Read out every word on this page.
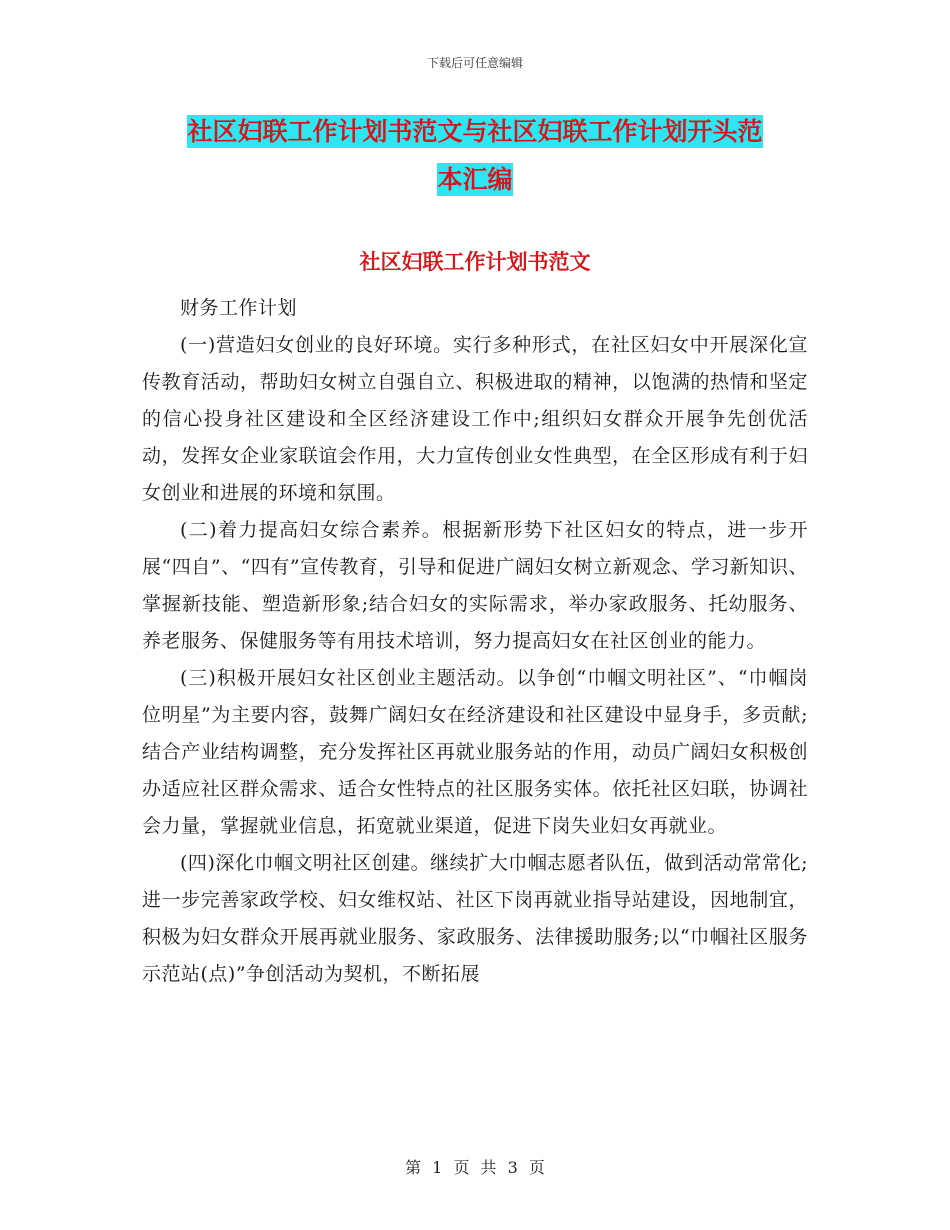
下载后可任意编辑
社区妇联工作计划书范文与社区妇联工作计划开头范
本汇编
社区妇联工作计划书范文

财务工作计划

(一)营造妇女创业的良好环境。实行多种形式，在社区妇女中开展深化宣传教育活动，帮助妇女树立自强自立、积极进取的精神，以饱满的热情和坚定的信心投身社区建设和全区经济建设工作中;组织妇女群众开展争先创优活动，发挥女企业家联谊会作用，大力宣传创业女性典型，在全区形成有利于妇女创业和进展的环境和氛围。

(二)着力提高妇女综合素养。根据新形势下社区妇女的特点，进一步开展“四自”、“四有”宣传教育，引导和促进广阔妇女树立新观念、学习新知识、掌握新技能、塑造新形象;结合妇女的实际需求，举办家政服务、托幼服务、养老服务、保健服务等有用技术培训，努力提高妇女在社区创业的能力。

(三)积极开展妇女社区创业主题活动。以争创“巾帼文明社区”、“巾帼岗位明星”为主要内容，鼓舞广阔妇女在经济建设和社区建设中显身手，多贡献;结合产业结构调整，充分发挥社区再就业服务站的作用，动员广阔妇女积极创办适应社区群众需求、适合女性特点的社区服务实体。依托社区妇联，协调社会力量，掌握就业信息，拓宽就业渠道，促进下岗失业妇女再就业。

(四)深化巾帼文明社区创建。继续扩大巾帼志愿者队伍，做到活动常常化;进一步完善家政学校、妇女维权站、社区下岗再就业指导站建设，因地制宜，积极为妇女群众开展再就业服务、家政服务、法律援助服务;以“巾帼社区服务示范站(点)”争创活动为契机，不断拓展

第 1 页 共 3 页
